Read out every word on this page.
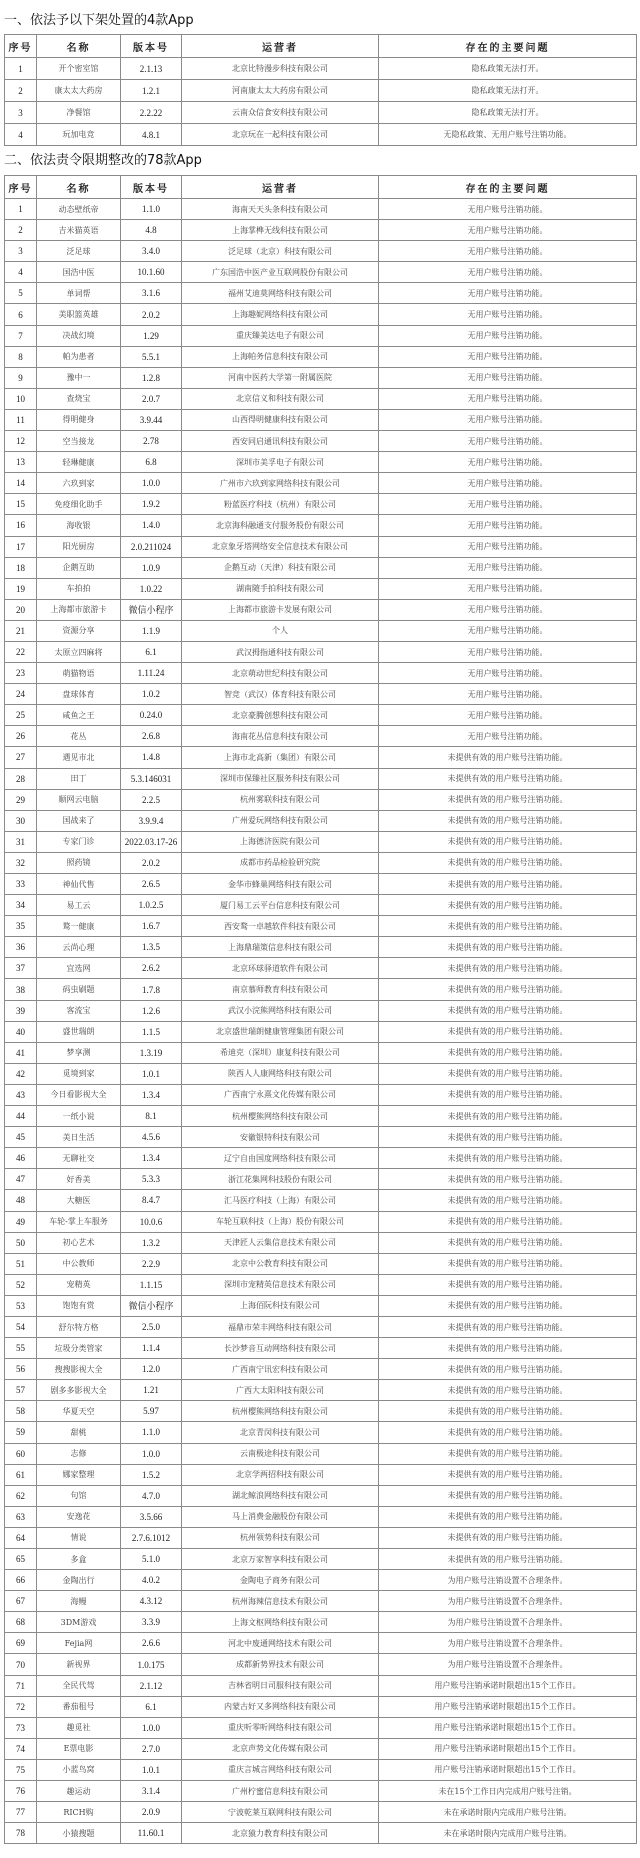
一、依法予以下架处置的4款App
序号	名称	版本号	运营者	存在的主要问题
1	开个密室馆	2.1.13	北京比特漫步科技有限公司	隐私政策无法打开。
2	康太太大药房	1.2.1	河南康太太大药房有限公司	隐私政策无法打开。
3	净餐馆	2.2.22	云南众信食安科技有限公司	隐私政策无法打开。
4	玩加电竞	4.8.1	北京玩在一起科技有限公司	无隐私政策、无用户账号注销功能。
二、依法责令限期整改的78款App
序号	名称	版本号	运营者	存在的主要问题
1	动态壁纸帝	1.1.0	海南天天头条科技有限公司	无用户账号注销功能。
2	吉米猫英语	4.8	上海掌榫无线科技有限公司	无用户账号注销功能。
3	泛足球	3.4.0	泛足球（北京）科技有限公司	无用户账号注销功能。
4	国浩中医	10.1.60	广东国浩中医产业互联网股份有限公司	无用户账号注销功能。
5	单词帮	3.1.6	福州艾迪莫网络科技有限公司	无用户账号注销功能。
6	美职篮英雄	2.0.2	上海趣妮网络科技有限公司	无用户账号注销功能。
7	决战幻境	1.29	重庆臻美达电子有限公司	无用户账号注销功能。
8	帕为患者	5.5.1	上海帕务信息科技有限公司	无用户账号注销功能。
9	豫中一	1.2.8	河南中医药大学第一附属医院	无用户账号注销功能。
10	查烧宝	2.0.7	北京信义和科技有限公司	无用户账号注销功能。
11	得明健身	3.9.44	山西得明健康科技有限公司	无用户账号注销功能。
12	空当接龙	2.78	西安同启通讯科技有限公司	无用户账号注销功能。
13	轻琳健康	6.8	深圳市美孚电子有限公司	无用户账号注销功能。
14	六玖到家	1.0.0	广州市六玖到家网络科技有限公司	无用户账号注销功能。
15	免疫细化助手	1.9.2	粉蓝医疗科技（杭州）有限公司	无用户账号注销功能。
16	海收银	1.4.0	北京海科融通支付服务股份有限公司	无用户账号注销功能。
17	阳光厨房	2.0.211024	北京象牙塔网络安全信息技术有限公司	无用户账号注销功能。
18	企鹅互助	1.0.9	企鹅互动（天津）科技有限公司	无用户账号注销功能。
19	车拍拍	1.0.22	湖南随手拍科技有限公司	无用户账号注销功能。
20	上海都市旅游卡	微信小程序	上海都市旅游卡发展有限公司	无用户账号注销功能。
21	资源分享	1.1.9	个人	无用户账号注销功能。
22	太原立四麻将	6.1	武汉拇指通科技有限公司	无用户账号注销功能。
23	萌猫物语	1.11.24	北京萌动世纪科技有限公司	无用户账号注销功能。
24	盘球体育	1.0.2	智竞（武汉）体育科技有限公司	无用户账号注销功能。
25	咸鱼之王	0.24.0	北京豪腾创想科技有限公司	无用户账号注销功能。
26	花丛	2.6.8	海南花丛信息科技有限公司	无用户账号注销功能。
27	遇见市北	1.4.8	上海市北高新（集团）有限公司	未提供有效的用户账号注销功能。
28	田丁	5.3.146031	深圳市保臻社区服务科技有限公司	未提供有效的用户账号注销功能。
29	顺网云电脑	2.2.5	杭州雾联科技有限公司	未提供有效的用户账号注销功能。
30	国战来了	3.9.9.4	广州爱玩网络科技有限公司	未提供有效的用户账号注销功能。
31	专家门诊	2022.03.17-26	上海德济医院有限公司	未提供有效的用户账号注销功能。
32	照药镜	2.0.2	成都市药品检验研究院	未提供有效的用户账号注销功能。
33	神仙代售	2.6.5	金华市蜂巢网络科技有限公司	未提供有效的用户账号注销功能。
34	易工云	1.0.2.5	厦门易工云平台信息科技有限公司	未提供有效的用户账号注销功能。
35	鹜一健康	1.6.7	西安鹜一卓越软件科技有限公司	未提供有效的用户账号注销功能。
36	云尚心理	1.3.5	上海鼎瑞策信息科技有限公司	未提供有效的用户账号注销功能。
37	宜选网	2.6.2	北京环球驿道软件有限公司	未提供有效的用户账号注销功能。
38	码虫刷题	1.7.8	南京慕师教育科技有限公司	未提供有效的用户账号注销功能。
39	客流宝	1.2.6	武汉小浣熊网络科技有限公司	未提供有效的用户账号注销功能。
40	盛世瑞朗	1.1.5	北京盛世瑞朗健康管理集团有限公司	未提供有效的用户账号注销功能。
41	梦享测	1.3.19	希迪克（深圳）康复科技有限公司	未提供有效的用户账号注销功能。
42	觅境到家	1.0.1	陕西人人康网络科技有限公司	未提供有效的用户账号注销功能。
43	今日看影视大全	1.3.4	广西南宁永熹文化传媒有限公司	未提供有效的用户账号注销功能。
44	一纸小说	8.1	杭州樱熊网络科技有限公司	未提供有效的用户账号注销功能。
45	美日生活	4.5.6	安徽银特科技有限公司	未提供有效的用户账号注销功能。
46	无聊社交	1.3.4	辽宁自由国度网络科技有限公司	未提供有效的用户账号注销功能。
47	好香美	5.3.3	浙江花集网科技股份有限公司	未提供有效的用户账号注销功能。
48	大糖医	8.4.7	汇马医疗科技（上海）有限公司	未提供有效的用户账号注销功能。
49	车轮-掌上车服务	10.0.6	车轮互联科技（上海）股份有限公司	未提供有效的用户账号注销功能。
50	初心艺术	1.3.2	天津匠人云集信息技术有限公司	未提供有效的用户账号注销功能。
51	中公教师	2.2.9	北京中公教育科技有限公司	未提供有效的用户账号注销功能。
52	宠精英	1.1.15	深圳市宠精英信息技术有限公司	未提供有效的用户账号注销功能。
53	饱饱有赏	微信小程序	上海佰阮科技有限公司	未提供有效的用户账号注销功能。
54	舒尔特方格	2.5.0	福鼎市荣丰网络科技有限公司	未提供有效的用户账号注销功能。
55	垃圾分类管家	1.1.4	长沙梦音互动网络科技有限公司	未提供有效的用户账号注销功能。
56	搜搜影视大全	1.2.0	广西南宁讯宏科技有限公司	未提供有效的用户账号注销功能。
57	剧多多影视大全	1.21	广西大太阳科技有限公司	未提供有效的用户账号注销功能。
58	华夏天空	5.97	杭州樱熊网络科技有限公司	未提供有效的用户账号注销功能。
59	甜桃	1.1.0	北京青闵科技有限公司	未提供有效的用户账号注销功能。
60	志修	1.0.0	云南极途科技有限公司	未提供有效的用户账号注销功能。
61	娜家整理	1.5.2	北京学两招科技有限公司	未提供有效的用户账号注销功能。
62	句馆	4.7.0	湖北鲸浪网络科技有限公司	未提供有效的用户账号注销功能。
63	安逸花	3.5.66	马上消费金融股份有限公司	未提供有效的用户账号注销功能。
64	情说	2.7.6.1012	杭州领势科技有限公司	未提供有效的用户账号注销功能。
65	多盒	5.1.0	北京万家智享科技有限公司	未提供有效的用户账号注销功能。
66	金陶出行	4.0.2	金陶电子商务有限公司	为用户账号注销设置不合理条件。
67	海鳗	4.3.12	杭州海辣信息技术有限公司	为用户账号注销设置不合理条件。
68	3DM游戏	3.3.9	上海文枢网络科技有限公司	为用户账号注销设置不合理条件。
69	Fejia网	2.6.6	河北中废通网络技术有限公司	为用户账号注销设置不合理条件。
70	新视界	1.0.175	成都新势界技术有限公司	为用户账号注销设置不合理条件。
71	全民代驾	2.1.12	吉林省明日司服科技有限公司	用户账号注销承诺时限超出15个工作日。
72	番茄租号	6.1	内蒙古好又多网络科技有限公司	用户账号注销承诺时限超出15个工作日。
73	趣觅社	1.0.0	重庆听零听网络科技有限公司	用户账号注销承诺时限超出15个工作日。
74	E票电影	2.7.0	北京声势文化传媒有限公司	用户账号注销承诺时限超出15个工作日。
75	小蓝鸟窝	1.0.1	重庆言城言网络科技有限公司	用户账号注销承诺时限超出15个工作日。
76	趣运动	3.1.4	广州柠蜜信息科技有限公司	未在15个工作日内完成用户账号注销。
77	RICH购	2.0.9	宁波乾莱互联网科技有限公司	未在承诺时限内完成用户账号注销。
78	小猿搜题	11.60.1	北京猿力教育科技有限公司	未在承诺时限内完成用户账号注销。
